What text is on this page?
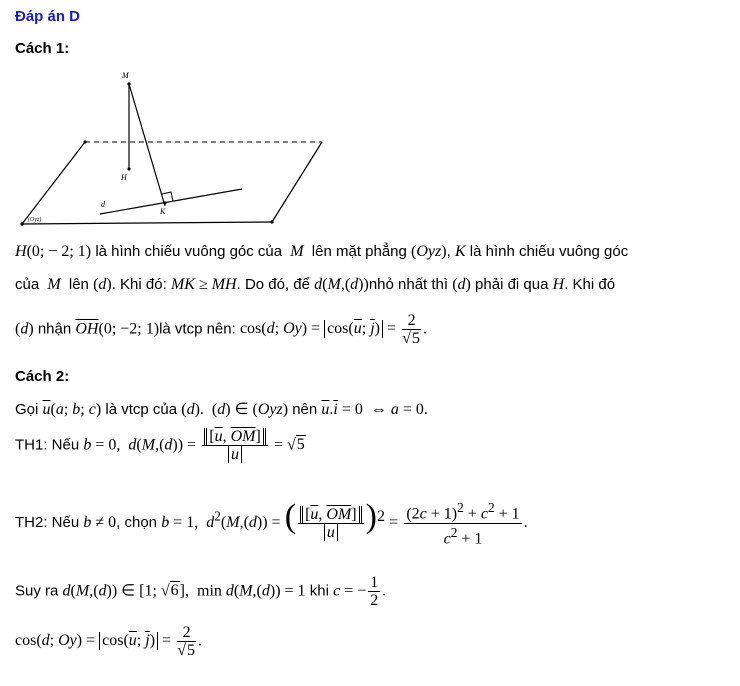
Đáp án D
Cách 1:
M
H
K
d
(Oyz)
H(0; − 2; 1) là hình chiếu vuông góc của  M  lên mặt phẳng (Oyz), K là hình chiếu vuông góc
của  M  lên (d). Khi đó: MK ≥ MH. Do đó, để d(M,(d))nhỏ nhất thì (d) phải đi qua H. Khi đó
(d) nhận $\overline{OH}(0$; −2; 1)là vtcp nên: cos(d; $Oy) = \cos(\overline{u}$; $\overline{j}) = \frac{2}{√5}$ .
Cách 2:
Gọi $\overline{u}(a$; b; c) là vtcp của (d).  (d) ∈ (Oyz) nên $\overline{u}.\overline{i} = 0$  ⇔ a = 0.
TH1: Nếu b = 0,  $d(M,(d)) = \frac{[\overline{u}, \overline{OM}]}{u} = √5$
TH2: Nếu b ≠ 0, chọn b = 1,  $d^2(M,(d))$ = ( $\frac{[\overline{u}, \overline{OM}]}{u} )^2 = \frac{(2c + 1)^2 + c^2 + 1}{c^2 + 1}$ .
Suy ra d(M,(d)) ∈ [1; √6],  min d(M,(d)) = 1 khi c = − $\frac{1}{2}$ .
cos(d; $Oy) = \cos(\overline{u}$; $\overline{j}) = \frac{2}{√5}$ .
